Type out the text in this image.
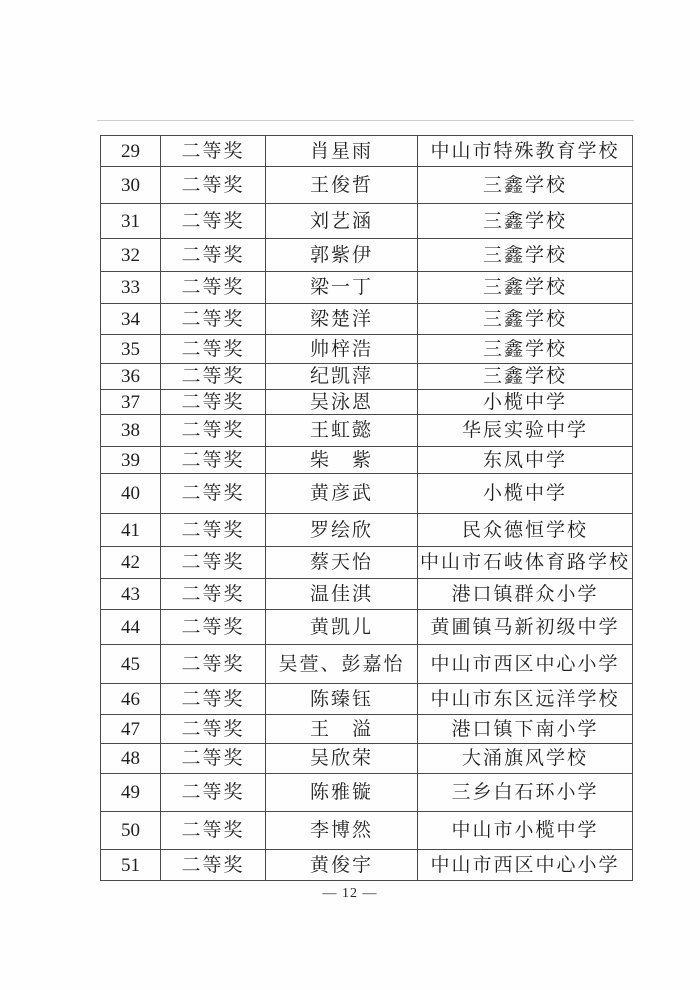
29	二等奖	肖星雨	中山市特殊教育学校
30	二等奖	王俊哲	三鑫学校
31	二等奖	刘艺涵	三鑫学校
32	二等奖	郭紫伊	三鑫学校
33	二等奖	梁一丁	三鑫学校
34	二等奖	梁楚洋	三鑫学校
35	二等奖	帅梓浩	三鑫学校
36	二等奖	纪凯萍	三鑫学校
37	二等奖	吴泳恩	小榄中学
38	二等奖	王虹懿	华辰实验中学
39	二等奖	柴　紫	东凤中学
40	二等奖	黄彦武	小榄中学
41	二等奖	罗绘欣	民众德恒学校
42	二等奖	蔡天怡	中山市石岐体育路学校
43	二等奖	温佳淇	港口镇群众小学
44	二等奖	黄凯儿	黄圃镇马新初级中学
45	二等奖	吴萱、彭嘉怡	中山市西区中心小学
46	二等奖	陈臻钰	中山市东区远洋学校
47	二等奖	王　溢	港口镇下南小学
48	二等奖	吴欣荣	大涌旗风学校
49	二等奖	陈雅镟	三乡白石环小学
50	二等奖	李博然	中山市小榄中学
51	二等奖	黄俊宇	中山市西区中心小学
— 12 —
